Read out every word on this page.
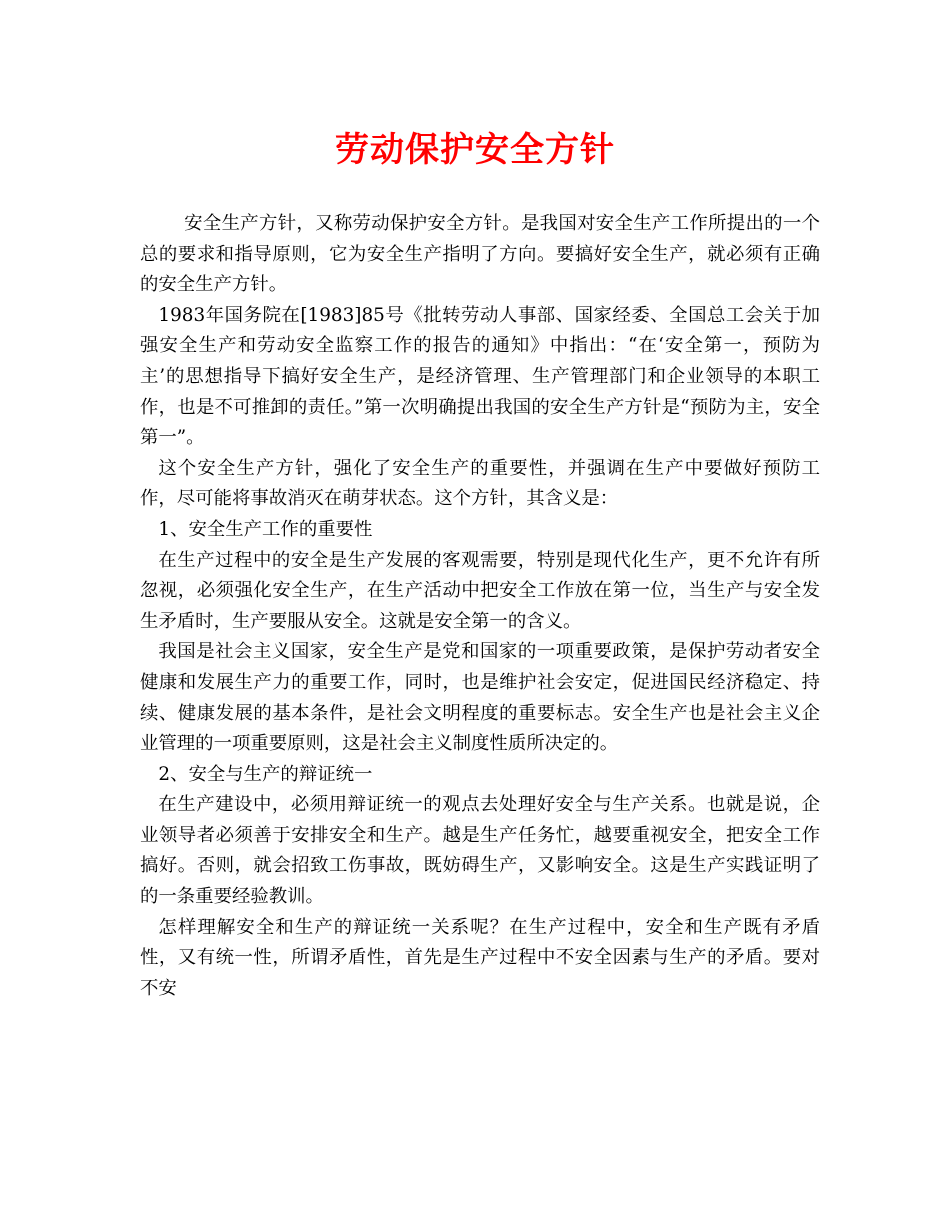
劳动保护安全方针

安全生产方针，又称劳动保护安全方针。是我国对安全生产工作所提出的一个总的要求和指导原则，它为安全生产指明了方向。要搞好安全生产，就必须有正确的安全生产方针。

1983年国务院在[1983]85号《批转劳动人事部、国家经委、全国总工会关于加强安全生产和劳动安全监察工作的报告的通知》中指出：“在‘安全第一，预防为主’的思想指导下搞好安全生产，是经济管理、生产管理部门和企业领导的本职工作，也是不可推卸的责任。”第一次明确提出我国的安全生产方针是“预防为主，安全第一”。

这个安全生产方针，强化了安全生产的重要性，并强调在生产中要做好预防工作，尽可能将事故消灭在萌芽状态。这个方针，其含义是：

1、安全生产工作的重要性

在生产过程中的安全是生产发展的客观需要，特别是现代化生产，更不允许有所忽视，必须强化安全生产，在生产活动中把安全工作放在第一位，当生产与安全发生矛盾时，生产要服从安全。这就是安全第一的含义。

我国是社会主义国家，安全生产是党和国家的一项重要政策，是保护劳动者安全健康和发展生产力的重要工作，同时，也是维护社会安定，促进国民经济稳定、持续、健康发展的基本条件，是社会文明程度的重要标志。安全生产也是社会主义企业管理的一项重要原则，这是社会主义制度性质所决定的。

2、安全与生产的辩证统一

在生产建设中，必须用辩证统一的观点去处理好安全与生产关系。也就是说，企业领导者必须善于安排安全和生产。越是生产任务忙，越要重视安全，把安全工作搞好。否则，就会招致工伤事故，既妨碍生产，又影响安全。这是生产实践证明了的一条重要经验教训。

怎样理解安全和生产的辩证统一关系呢？在生产过程中，安全和生产既有矛盾性，又有统一性，所谓矛盾性，首先是生产过程中不安全因素与生产的矛盾。要对不安
